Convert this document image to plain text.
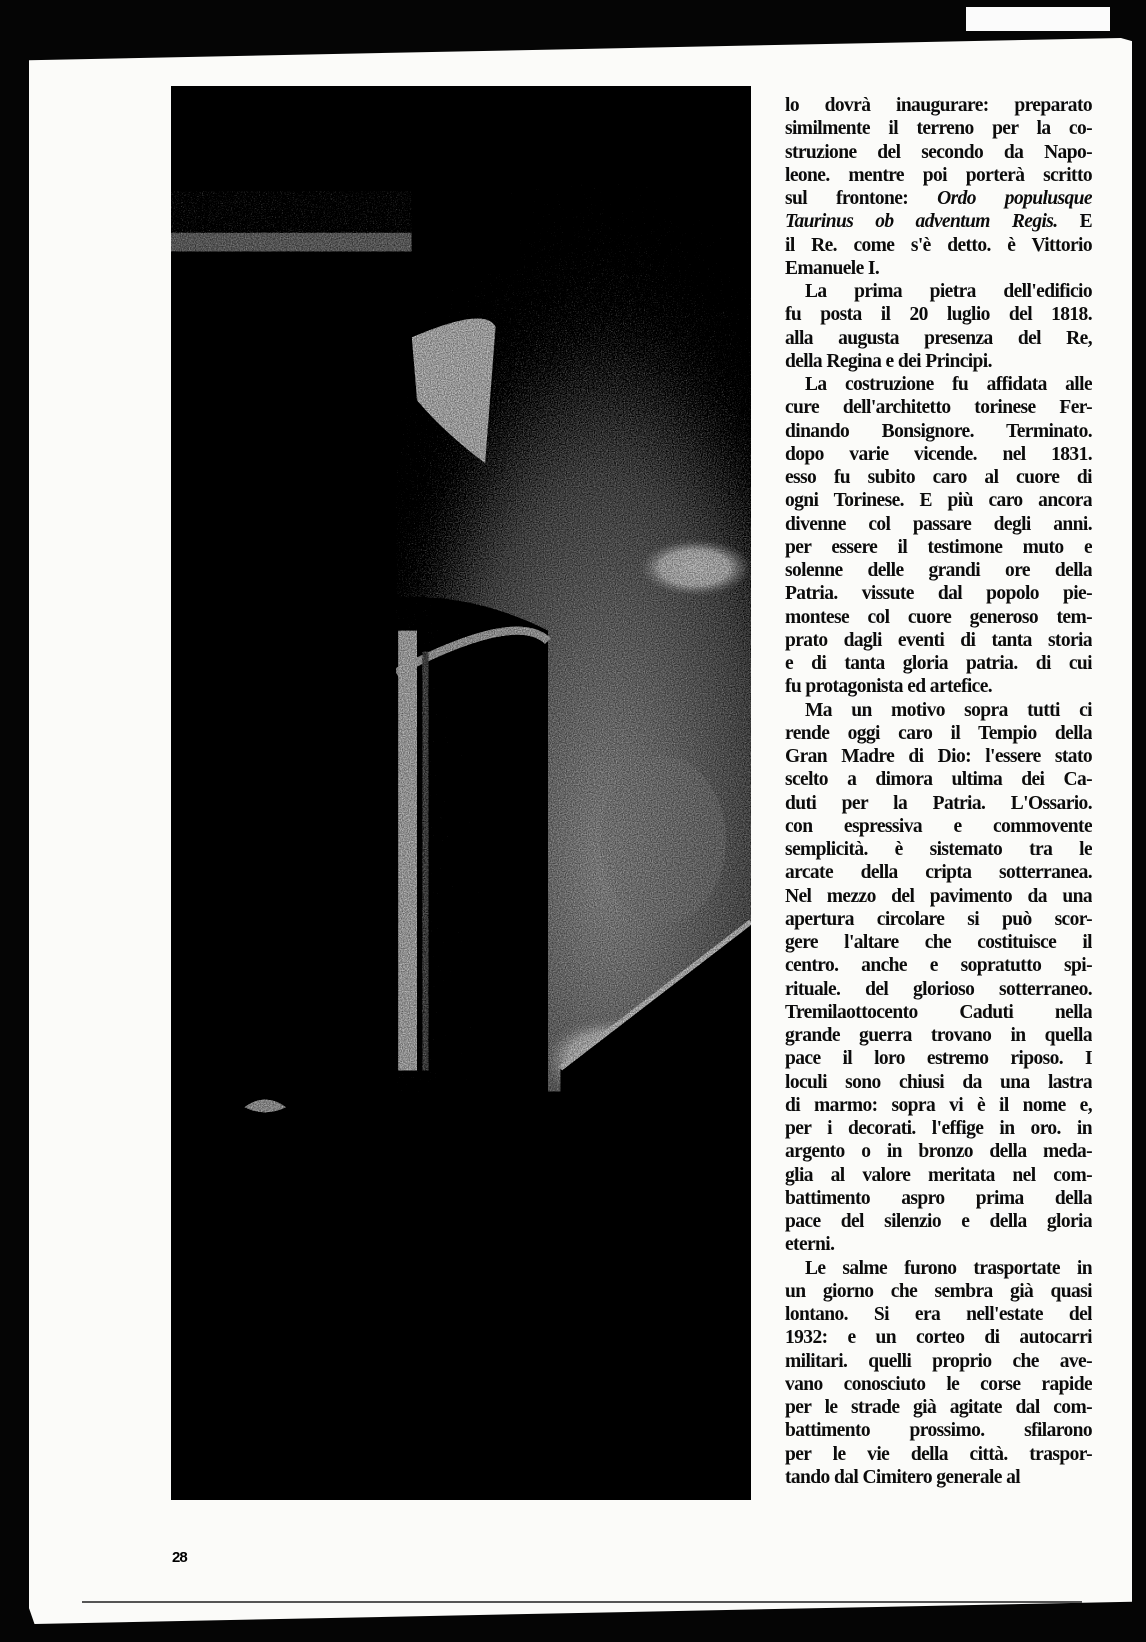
lo dovrà inaugurare: preparato
similmente il terreno per la co-
struzione del secondo da Napo-
leone. mentre poi porterà scritto
sul frontone: Ordo populusque
Taurinus ob adventum Regis. E
il Re. come s'è detto. è Vittorio
Emanuele I.
La prima pietra dell'edificio
fu posta il 20 luglio del 1818.
alla augusta presenza del Re,
della Regina e dei Principi.
La costruzione fu affidata alle
cure dell'architetto torinese Fer-
dinando Bonsignore. Terminato.
dopo varie vicende. nel 1831.
esso fu subito caro al cuore di
ogni Torinese. E più caro ancora
divenne col passare degli anni.
per essere il testimone muto e
solenne delle grandi ore della
Patria. vissute dal popolo pie-
montese col cuore generoso tem-
prato dagli eventi di tanta storia
e di tanta gloria patria. di cui
fu protagonista ed artefice.
Ma un motivo sopra tutti ci
rende oggi caro il Tempio della
Gran Madre di Dio: l'essere stato
scelto a dimora ultima dei Ca-
duti per la Patria. L'Ossario.
con espressiva e commovente
semplicità. è sistemato tra le
arcate della cripta sotterranea.
Nel mezzo del pavimento da una
apertura circolare si può scor-
gere l'altare che costituisce il
centro. anche e sopratutto spi-
rituale. del glorioso sotterraneo.
Tremilaottocento Caduti nella
grande guerra trovano in quella
pace il loro estremo riposo. I
loculi sono chiusi da una lastra
di marmo: sopra vi è il nome e,
per i decorati. l'effige in oro. in
argento o in bronzo della meda-
glia al valore meritata nel com-
battimento aspro prima della
pace del silenzio e della gloria
eterni.
Le salme furono trasportate in
un giorno che sembra già quasi
lontano. Si era nell'estate del
1932: e un corteo di autocarri
militari. quelli proprio che ave-
vano conosciuto le corse rapide
per le strade già agitate dal com-
battimento prossimo. sfilarono
per le vie della città. traspor-
tando dal Cimitero generale al
28
